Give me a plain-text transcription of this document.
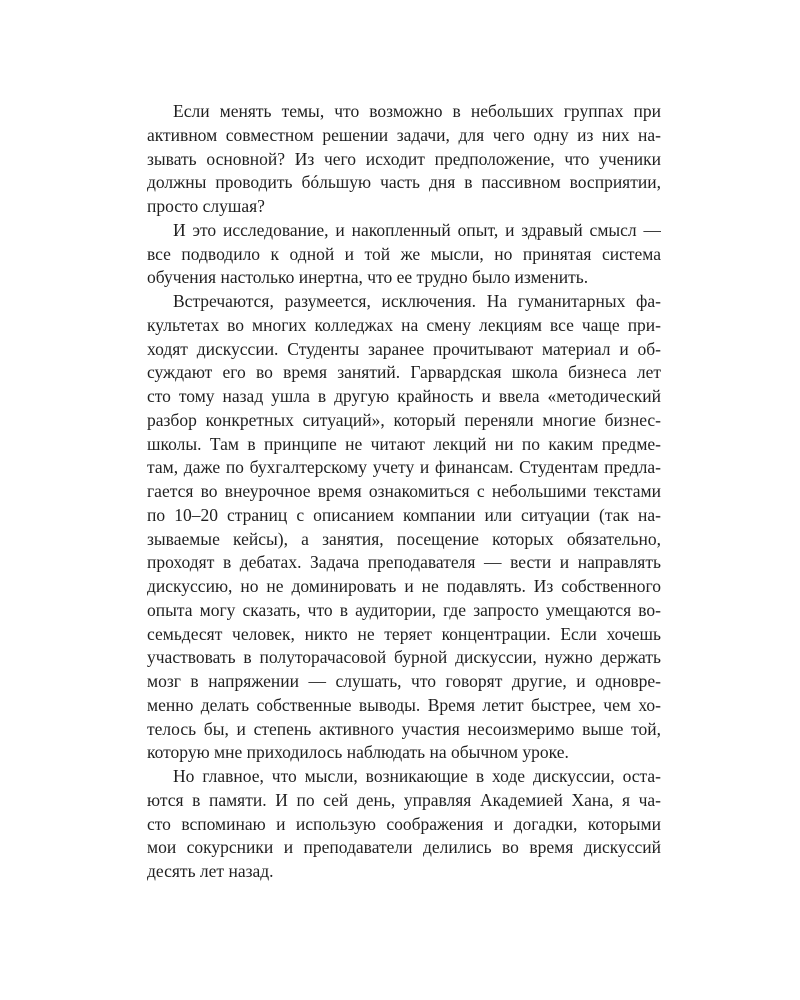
Если менять темы, что возможно в небольших группах при
активном совместном решении задачи, для чего одну из них на-
зывать основной? Из чего исходит предположение, что ученики
должны проводить бóльшую часть дня в пассивном восприятии,
просто слушая?
И это исследование, и накопленный опыт, и здравый смысл —
все подводило к одной и той же мысли, но принятая система
обучения настолько инертна, что ее трудно было изменить.
Встречаются, разумеется, исключения. На гуманитарных фа-
культетах во многих колледжах на смену лекциям все чаще при-
ходят дискуссии. Студенты заранее прочитывают материал и об-
суждают его во время занятий. Гарвардская школа бизнеса лет
сто тому назад ушла в другую крайность и ввела «методический
разбор конкретных ситуаций», который переняли многие бизнес-
школы. Там в принципе не читают лекций ни по каким предме-
там, даже по бухгалтерскому учету и финансам. Студентам предла-
гается во внеурочное время ознакомиться с небольшими текстами
по 10–20 страниц с описанием компании или ситуации (так на-
зываемые кейсы), а занятия, посещение которых обязательно,
проходят в дебатах. Задача преподавателя — вести и направлять
дискуссию, но не доминировать и не подавлять. Из собственного
опыта могу сказать, что в аудитории, где запросто умещаются во-
семьдесят человек, никто не теряет концентрации. Если хочешь
участвовать в полуторачасовой бурной дискуссии, нужно держать
мозг в напряжении — слушать, что говорят другие, и одновре-
менно делать собственные выводы. Время летит быстрее, чем хо-
телось бы, и степень активного участия несоизмеримо выше той,
которую мне приходилось наблюдать на обычном уроке.
Но главное, что мысли, возникающие в ходе дискуссии, оста-
ются в памяти. И по сей день, управляя Академией Хана, я ча-
сто вспоминаю и использую соображения и догадки, которыми
мои сокурсники и преподаватели делились во время дискуссий
десять лет назад.
